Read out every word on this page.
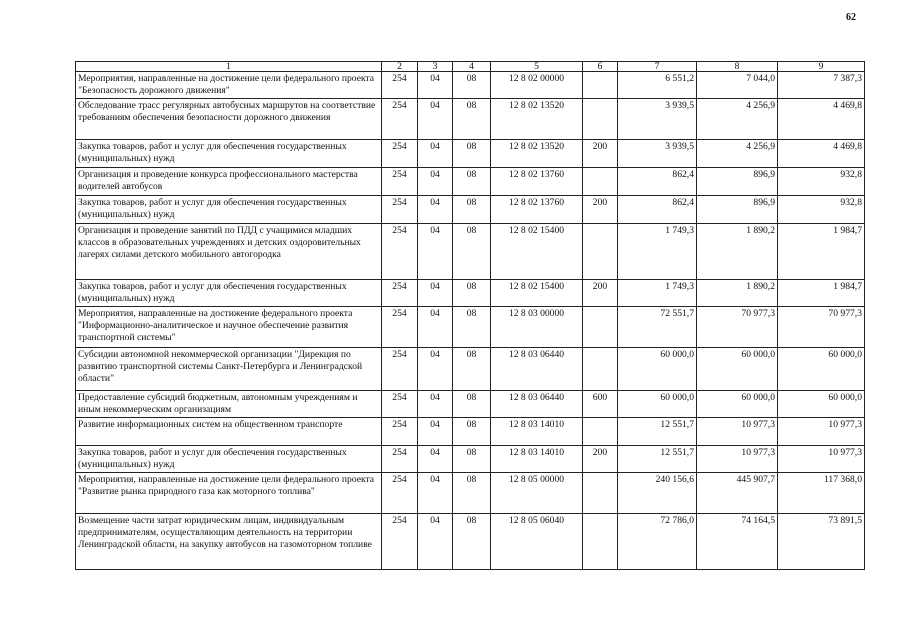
62
1	2	3	4	5	6	7	8	9
Мероприятия, направленные на достижение цели федерального проекта "Безопасность дорожного движения"	254	04	08	12 8 02 00000		6 551,2	7 044,0	7 387,3
Обследование трасс регулярных автобусных маршрутов на соответствие требованиям обеспечения безопасности дорожного движения	254	04	08	12 8 02 13520		3 939,5	4 256,9	4 469,8
Закупка товаров, работ и услуг для обеспечения государственных (муниципальных) нужд	254	04	08	12 8 02 13520	200	3 939,5	4 256,9	4 469,8
Организация и проведение конкурса профессионального мастерства водителей автобусов	254	04	08	12 8 02 13760		862,4	896,9	932,8
Закупка товаров, работ и услуг для обеспечения государственных (муниципальных) нужд	254	04	08	12 8 02 13760	200	862,4	896,9	932,8
Организация и проведение занятий по ПДД с учащимися младших классов в образовательных учреждениях и детских оздоровительных лагерях силами детского мобильного автогородка	254	04	08	12 8 02 15400		1 749,3	1 890,2	1 984,7
Закупка товаров, работ и услуг для обеспечения государственных (муниципальных) нужд	254	04	08	12 8 02 15400	200	1 749,3	1 890,2	1 984,7
Мероприятия, направленные на достижение федерального проекта "Информационно-аналитическое и научное обеспечение развития транспортной системы"	254	04	08	12 8 03 00000		72 551,7	70 977,3	70 977,3
Субсидии автономной некоммерческой организации "Дирекция по развитию транспортной системы Санкт-Петербурга и Ленинградской области"	254	04	08	12 8 03 06440		60 000,0	60 000,0	60 000,0
Предоставление субсидий бюджетным, автономным учреждениям и иным некоммерческим организациям	254	04	08	12 8 03 06440	600	60 000,0	60 000,0	60 000,0
Развитие информационных систем на общественном транспорте	254	04	08	12 8 03 14010		12 551,7	10 977,3	10 977,3
Закупка товаров, работ и услуг для обеспечения государственных (муниципальных) нужд	254	04	08	12 8 03 14010	200	12 551,7	10 977,3	10 977,3
Мероприятия, направленные на достижение цели федерального проекта "Развитие рынка природного газа как моторного топлива"	254	04	08	12 8 05 00000		240 156,6	445 907,7	117 368,0
Возмещение части затрат юридическим лицам, индивидуальным предпринимателям, осуществляющим деятельность на территории Ленинградской области, на закупку автобусов на газомоторном топливе	254	04	08	12 8 05 06040		72 786,0	74 164,5	73 891,5
